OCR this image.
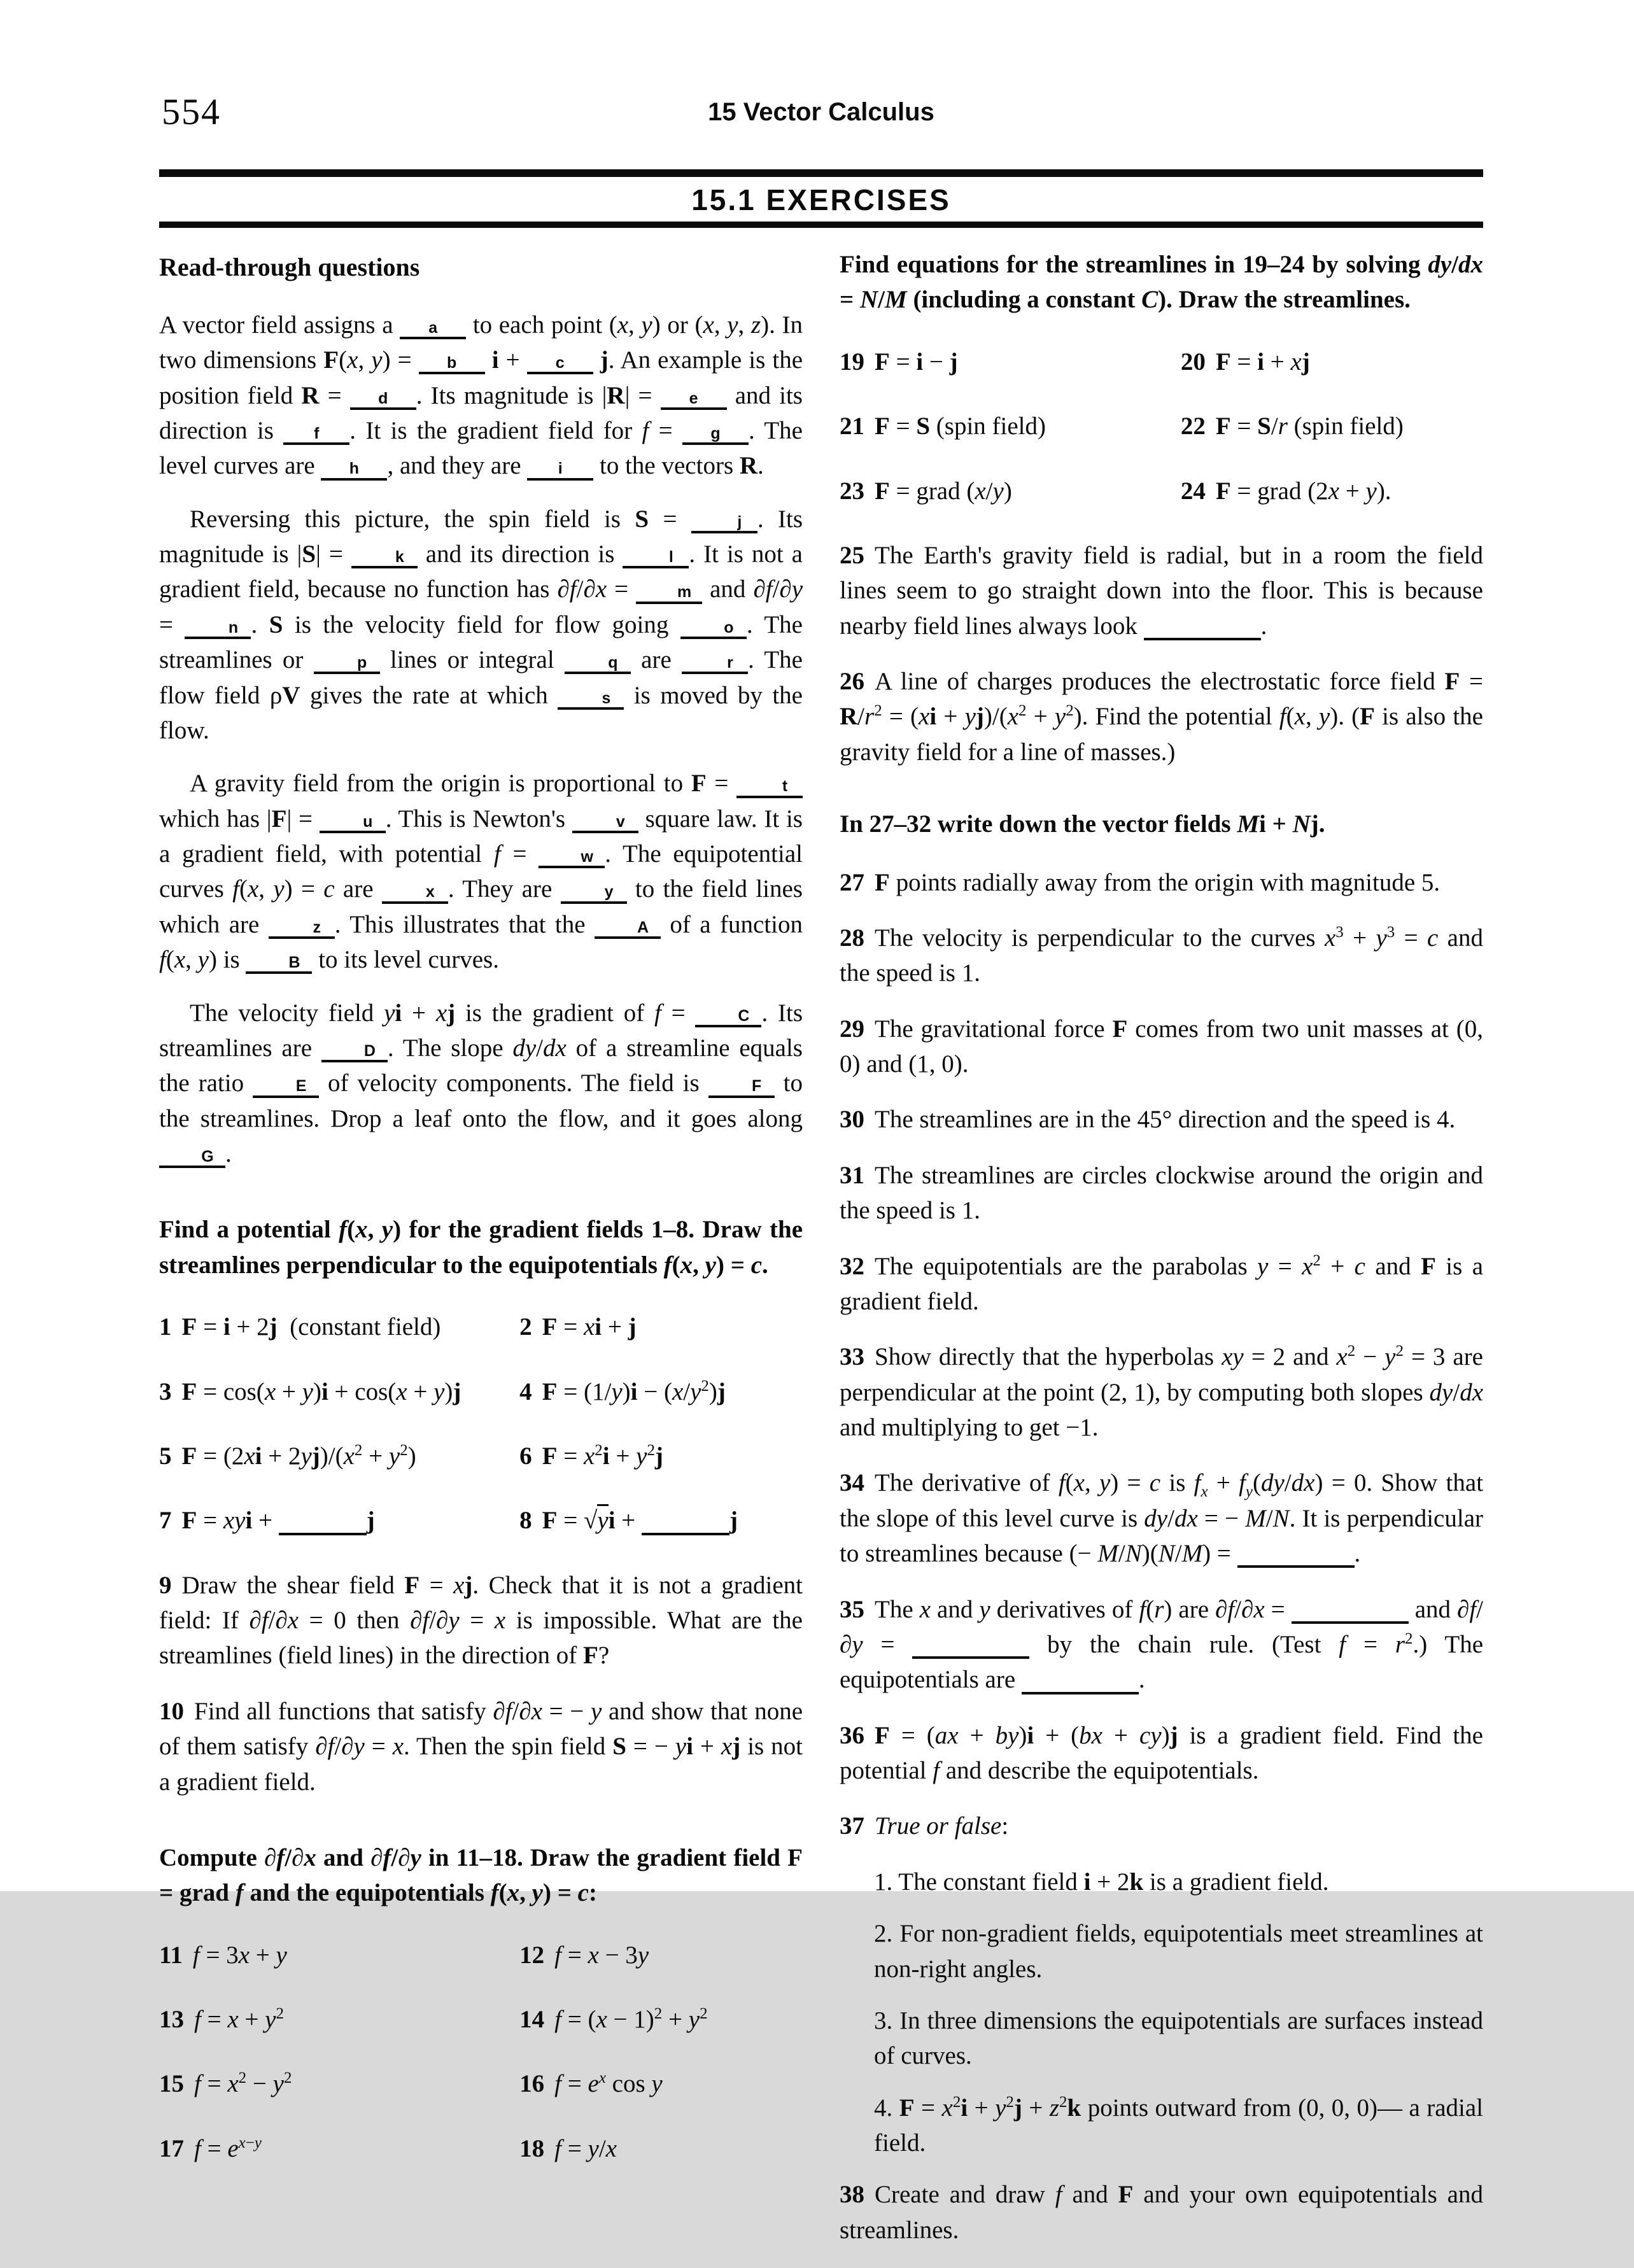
554	15 Vector Calculus
15.1 EXERCISES
Read-through questions

A vector field assigns a a to each point (x, y) or (x, y, z). In two dimensions F(x, y) = b i + c j. An example is the position field R = d . Its magnitude is |R| = e and its direction is f . It is the gradient field for f = g . The level curves are h , and they are i to the vectors R.

Reversing this picture, the spin field is S =	j . Its magnitude is |S| =	k and its direction is	l . It is not a gradient field, because no function has ∂f/∂x =	m and ∂f/∂y =	n . S is the velocity field for flow going	o . The streamlines or	p lines or integral	q are	r . The flow field ρV gives the rate at which	s is moved by the flow.

A gravity field from the origin is proportional to F =	t which has |F| =	u . This is Newton's	v square law. It is a gradient field, with potential f =	w . The equipotential curves f(x, y) = c are	x . They are	y to the field lines which are	z . This illustrates that the	A of a function f(x, y) is	B to its level curves.

The velocity field yi + xj is the gradient of f =	C . Its streamlines are	D . The slope dy/dx of a streamline equals the ratio	E of velocity components. The field is	F to the streamlines. Drop a leaf onto the flow, and it goes along G .

Find a potential f(x, y) for the gradient fields 1–8. Draw the streamlines perpendicular to the equipotentials f(x, y) = c.

1 F = i + 2j (constant field)	2 F = xi + j

3 F = cos(x + y)i + cos(x + y)j	4 $F = (1/y)i - (x/y^2)j$

5 $F = (2xi + 2yj)/(x^2 + y^2)$	6 $F = x^2i + y^2j$

7 F = xyi +	j	8 F = √yi +	j

9 Draw the shear field F = xj. Check that it is not a gradient field: If ∂f/∂x = 0 then ∂f/∂y = x is impossible. What are the streamlines (field lines) in the direction of F?

10 Find all functions that satisfy ∂f/∂x = − y and show that none of them satisfy ∂f/∂y = x. Then the spin field S = − yi + xj is not a gradient field.

Compute ∂f/∂x and ∂f/∂y in 11–18. Draw the gradient field F = grad f and the equipotentials f(x, y) = c:

11 f = 3x + y	12 f = x − 3y

13 $f = x + y^2$	14 $f = (x - 1)^2 + y^2$

15 $f = x^2 - y^2$	16 $f = e^x$ cos y

17 $f = e^{x-y}$	18 f = y/x

Find equations for the streamlines in 19–24 by solving dy/dx = N/M (including a constant C). Draw the streamlines.

19 F = i − j	20 F = i + xj

21 F = S (spin field)	22 F = S/r (spin field)

23 F = grad (x/y)	24 F = grad (2x + y).

25 The Earth's gravity field is radial, but in a room the field lines seem to go straight down into the floor. This is because nearby field lines always look	.

26 A line of charges produces the electrostatic force field $F = R/r^2 = (xi + yj)/(x^2 + y^2)$. Find the potential f(x, y). (F is also the gravity field for a line of masses.)

In 27–32 write down the vector fields Mi + Nj.

27 F points radially away from the origin with magnitude 5.

28 The velocity is perpendicular to the curves $x^3 + y^3 = c$ and the speed is 1.

29 The gravitational force F comes from two unit masses at (0, 0) and (1, 0).

30 The streamlines are in the 45° direction and the speed is 4.

31 The streamlines are circles clockwise around the origin and the speed is 1.

32 The equipotentials are the parabolas $y = x^2 + c$ and F is a gradient field.

33 Show directly that the hyperbolas xy = 2 and $x^2 - y^2 = 3$ are perpendicular at the point (2, 1), by computing both slopes dy/dx and multiplying to get −1.

34 The derivative of f(x, y) = c is $f_x + f_y(dy/dx) = 0$. Show that the slope of this level curve is dy/dx = − M/N. It is perpendicular to streamlines because (− M/N)(N/M) =	.

35 The x and y derivatives of f(r) are ∂f/∂x =	and ∂f/∂y =	by the chain rule. (Test $f = r^2$.) The equipotentials are	.

36 F = (ax + by)i + (bx + cy)j is a gradient field. Find the potential f and describe the equipotentials.

37 True or false:

1. The constant field i + 2k is a gradient field.

2. For non-gradient fields, equipotentials meet streamlines at non-right angles.

3. In three dimensions the equipotentials are surfaces instead of curves.

4. $F = x^2i + y^2j + z^2k$ points outward from (0, 0, 0)— a radial field.

38 Create and draw f and F and your own equipotentials and streamlines.
